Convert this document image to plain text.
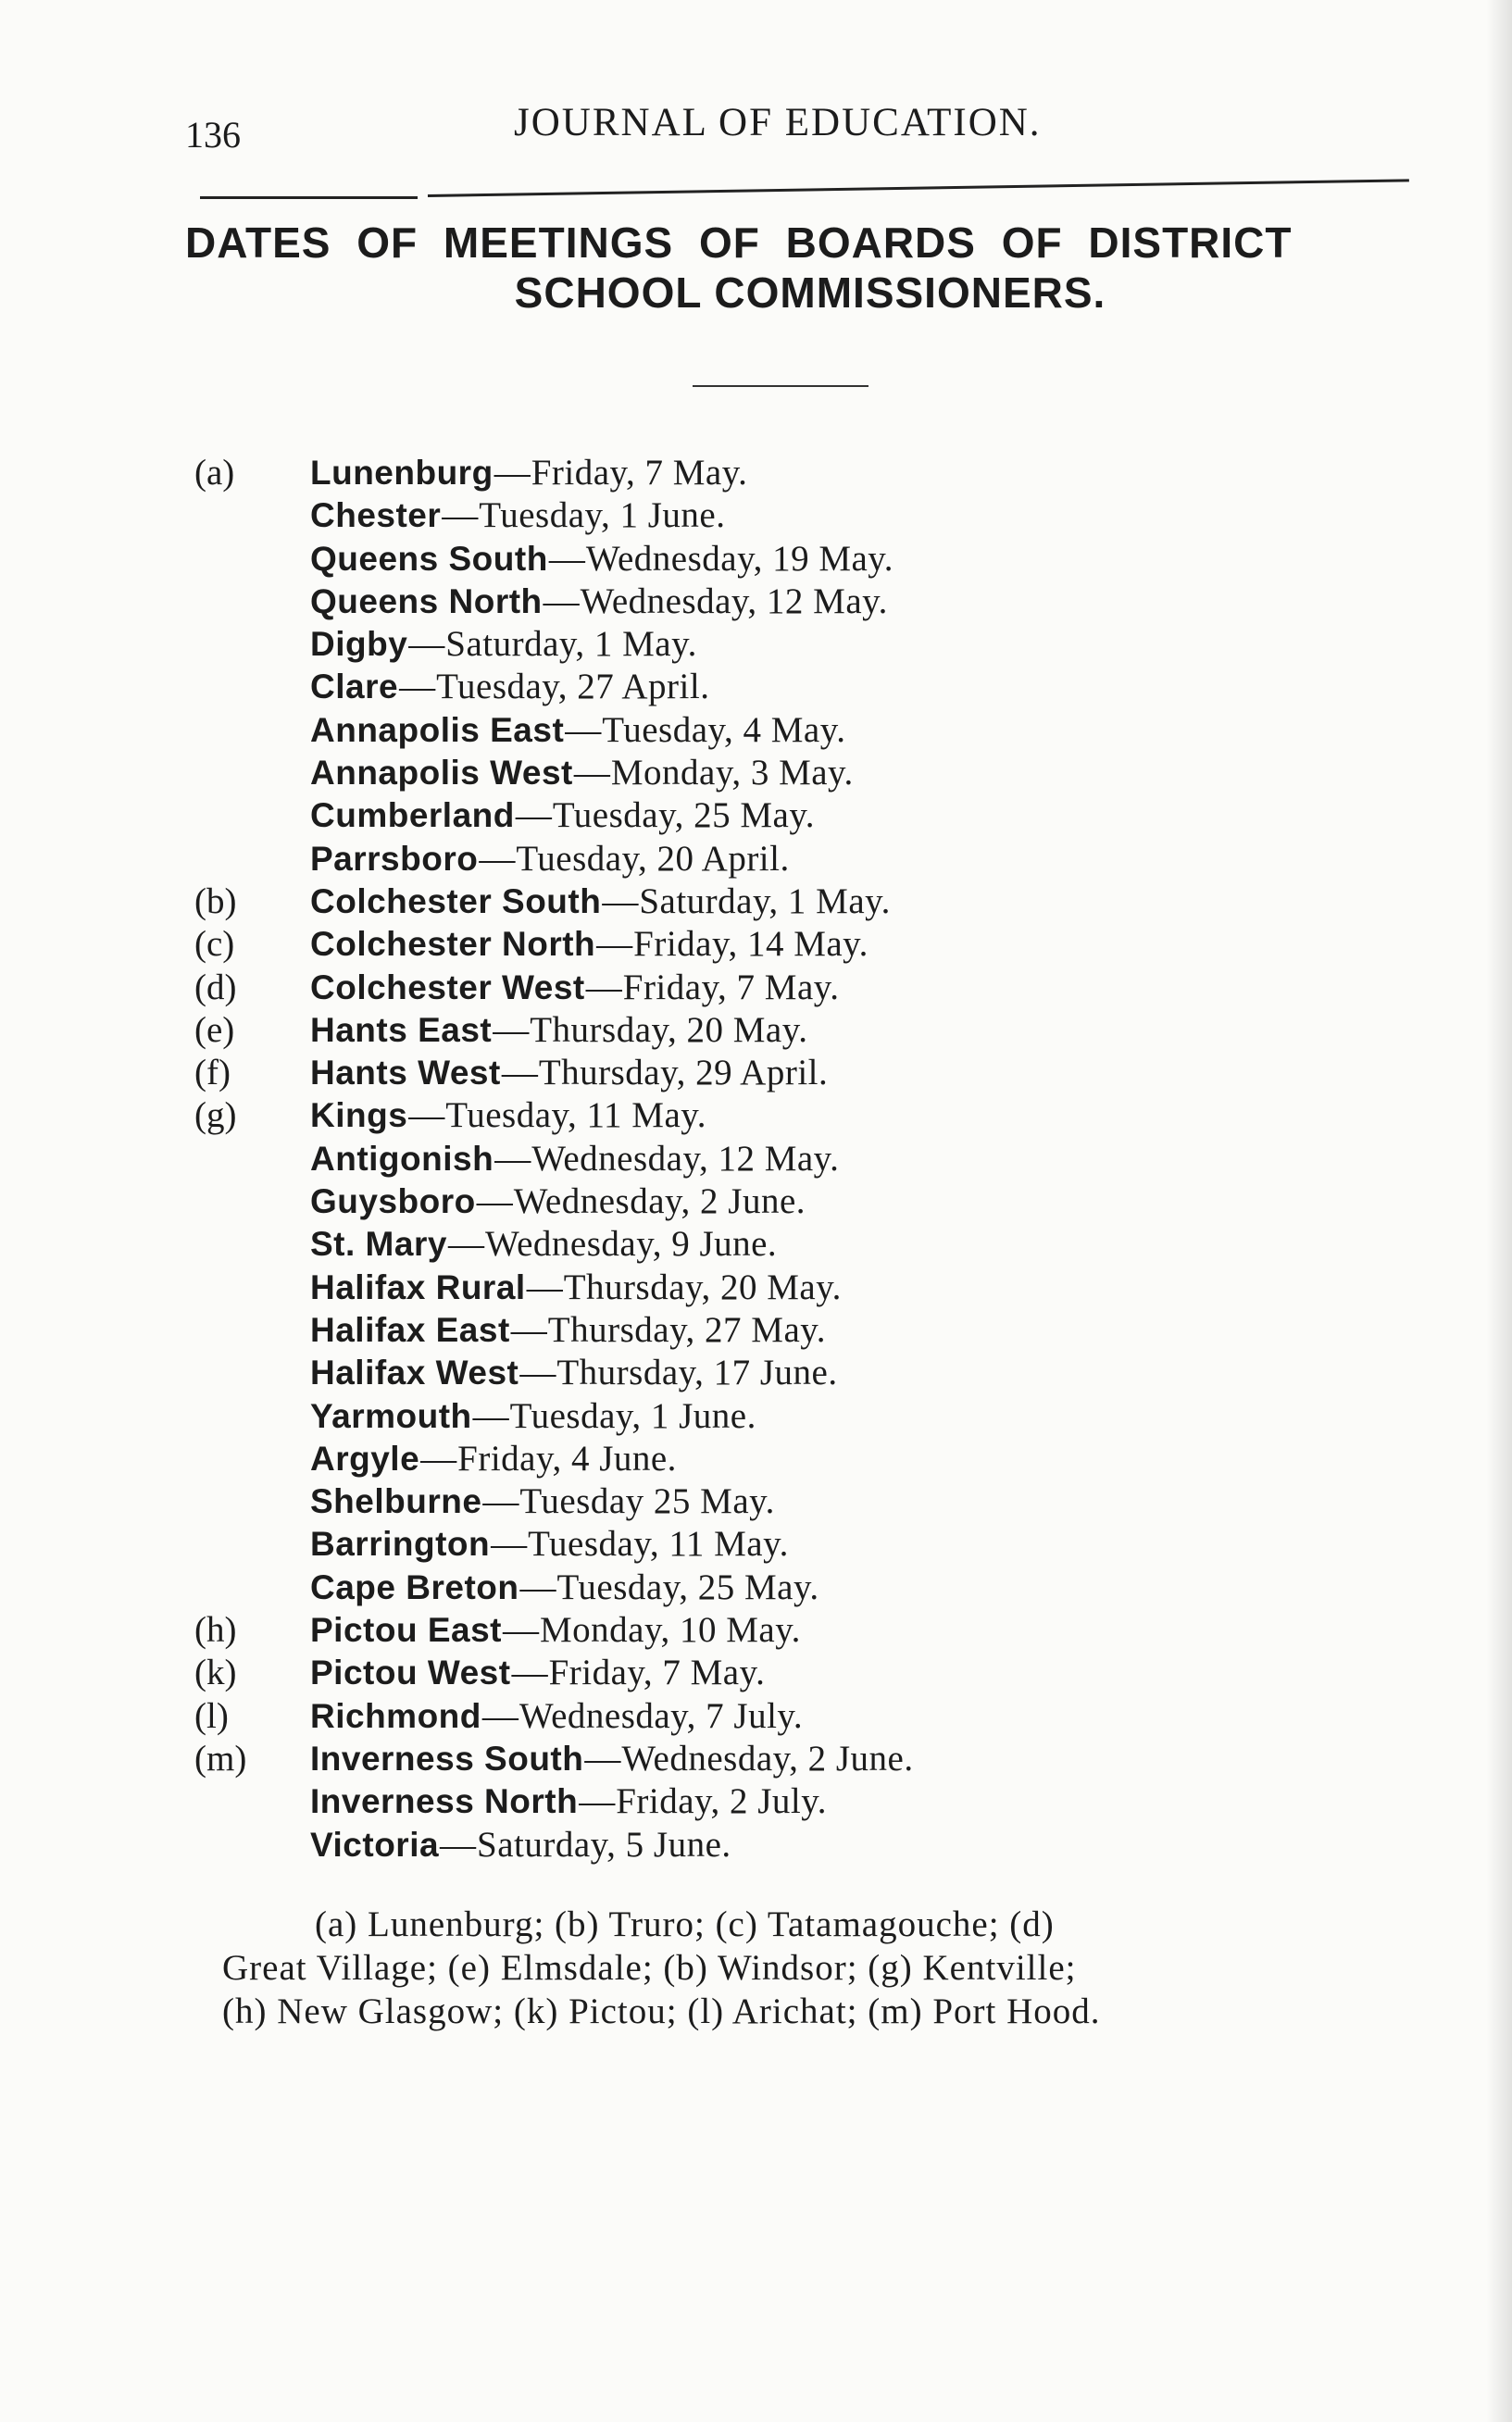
136	JOURNAL OF EDUCATION.
DATES OF MEETINGS OF BOARDS OF DISTRICT
SCHOOL COMMISSIONERS.
(a) Lunenburg—Friday, 7 May.
Chester—Tuesday, 1 June.
Queens South—Wednesday, 19 May.
Queens North—Wednesday, 12 May.
Digby—Saturday, 1 May.
Clare—Tuesday, 27 April.
Annapolis East—Tuesday, 4 May.
Annapolis West—Monday, 3 May.
Cumberland—Tuesday, 25 May.
Parrsboro—Tuesday, 20 April.
(b) Colchester South—Saturday, 1 May.
(c) Colchester North—Friday, 14 May.
(d) Colchester West—Friday, 7 May.
(e) Hants East—Thursday, 20 May.
(f) Hants West—Thursday, 29 April.
(g) Kings—Tuesday, 11 May.
Antigonish—Wednesday, 12 May.
Guysboro—Wednesday, 2 June.
St. Mary—Wednesday, 9 June.
Halifax Rural—Thursday, 20 May.
Halifax East—Thursday, 27 May.
Halifax West—Thursday, 17 June.
Yarmouth—Tuesday, 1 June.
Argyle—Friday, 4 June.
Shelburne—Tuesday 25 May.
Barrington—Tuesday, 11 May.
Cape Breton—Tuesday, 25 May.
(h) Pictou East—Monday, 10 May.
(k) Pictou West—Friday, 7 May.
(l) Richmond—Wednesday, 7 July.
(m) Inverness South—Wednesday, 2 June.
Inverness North—Friday, 2 July.
Victoria—Saturday, 5 June.
(a) Lunenburg; (b) Truro; (c) Tatamagouche; (d)
Great Village; (e) Elmsdale; (b) Windsor; (g) Kentville;
(h) New Glasgow; (k) Pictou; (l) Arichat; (m) Port Hood.
